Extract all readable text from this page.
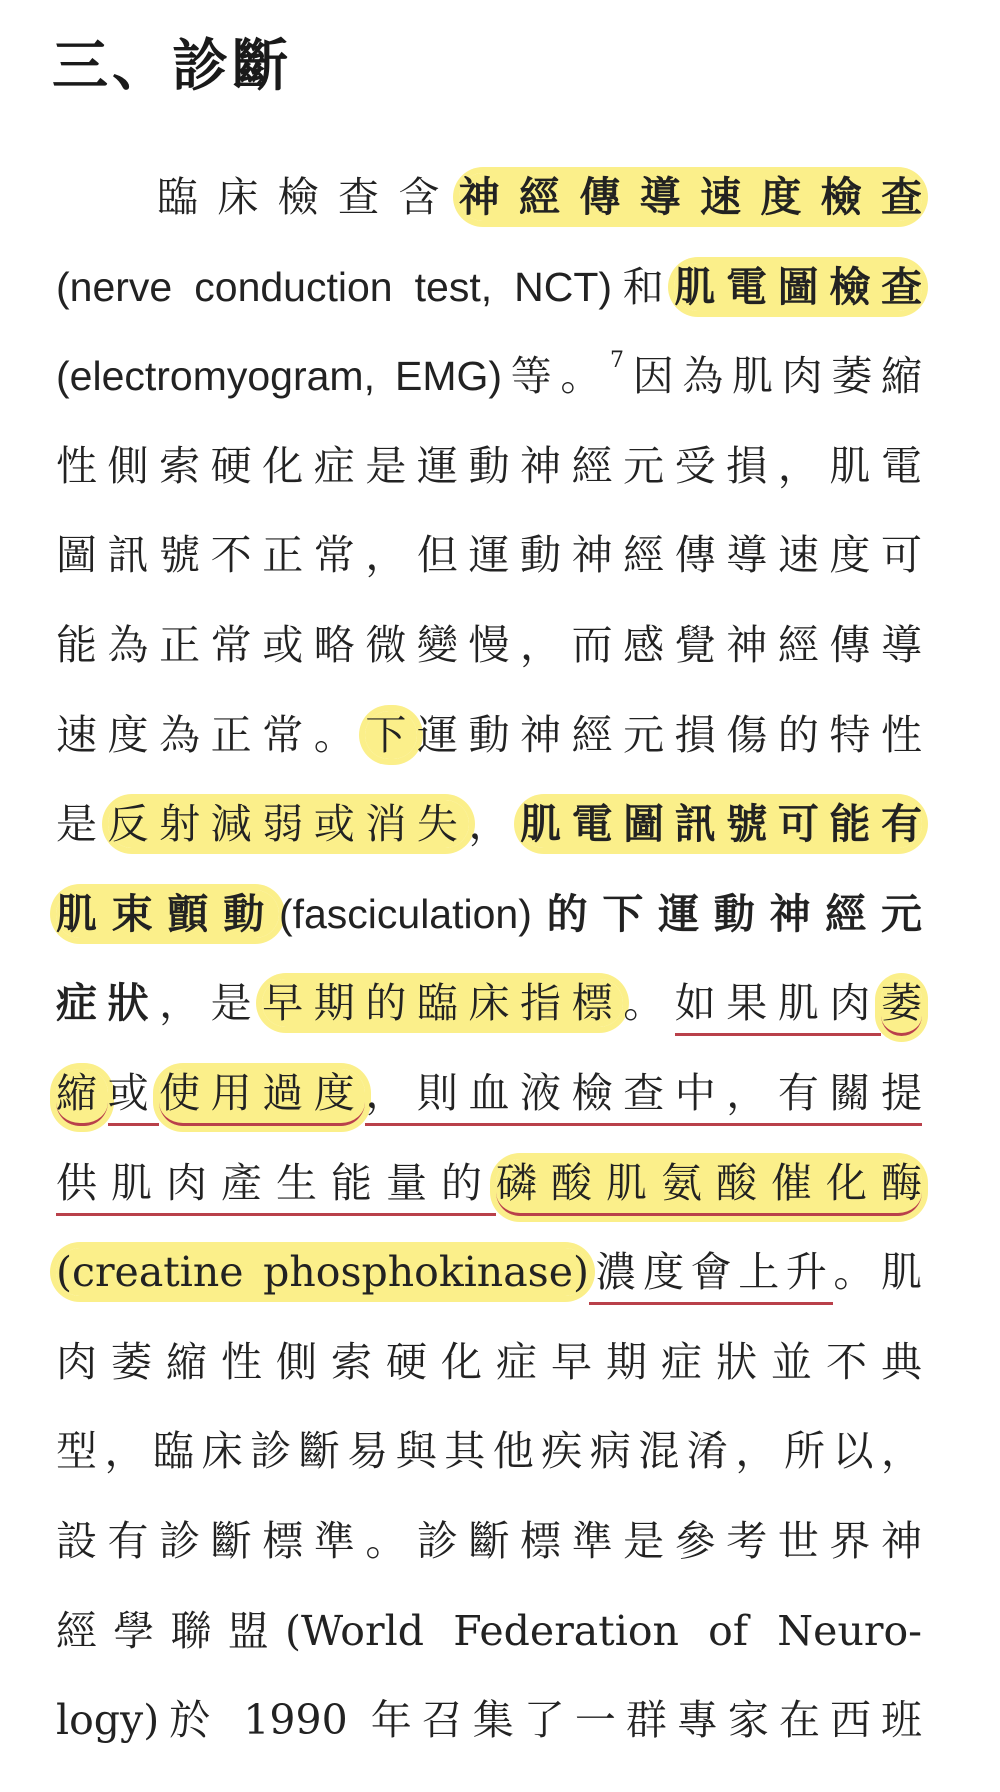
三、診斷
臨床檢查含神經傳導速度檢查
(nerve conduction test, NCT)和肌電圖檢查
(electromyogram, EMG)等。$^7$因為肌肉萎縮
性側索硬化症是運動神經元受損，肌電
圖訊號不正常，但運動神經傳導速度可
能為正常或略微變慢，而感覺神經傳導
速度為正常。下運動神經元損傷的特性
是反射減弱或消失，肌電圖訊號可能有
肌束顫動(fasciculation)的下運動神經元
症狀，是早期的臨床指標。如果肌肉萎
縮或使用過度，則血液檢查中，有關提
供肌肉產生能量的磷酸肌氨酸催化酶
(creatine phosphokinase)濃度會上升。肌
肉萎縮性側索硬化症早期症狀並不典
型，臨床診斷易與其他疾病混淆，所以，
設有診斷標準。診斷標準是參考世界神
經學聯盟(World Federation of Neuro-
logy)於 1990 年召集了一群專家在西班
